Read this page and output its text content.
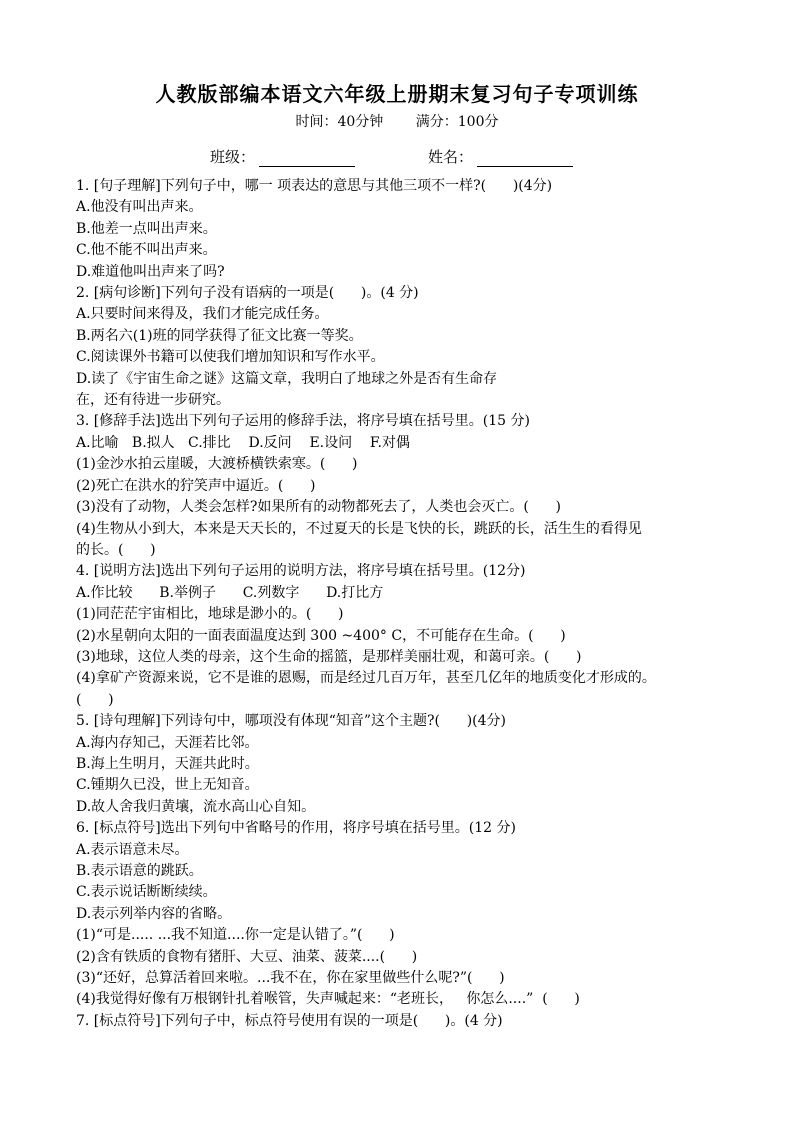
人教版部编本语文六年级上册期末复习句子专项训练
时间：40分钟 满分：100分
班级：	姓名：
1. [句子理解]下列句子中，哪一 项表达的意思与其他三项不一样?(      )(4分)
A.他没有叫出声来。
B.他差一点叫出声来。
C.他不能不叫出声来。
D.难道他叫出声来了吗?
2. [病句诊断]下列句子没有语病的一项是(      )。(4 分)
A.只要时间来得及，我们才能完成任务。
B.两名六(1)班的同学获得了征文比赛一等奖。
C.阅读课外书籍可以使我们增加知识和写作水平。
D.读了《宇宙生命之谜》这篇文章，我明白了地球之外是否有生命存
在，还有待进一步研究。
3. [修辞手法]选出下列句子运用的修辞手法，将序号填在括号里。(15 分)
A.比喻   B.拟人   C.排比    D.反问    E.设问    F.对偶
(1)金沙水拍云崖暖，大渡桥横铁索寒。(      )
(2)死亡在洪水的狞笑声中逼近。(      )
(3)没有了动物，人类会怎样?如果所有的动物都死去了，人类也会灭亡。(      )
(4)生物从小到大，本来是天天长的，不过夏天的长是飞快的长，跳跃的长，活生生的看得见
的长。(      )
4. [说明方法]选出下列句子运用的说明方法，将序号填在括号里。(12分)
A.作比较      B.举例子      C.列数字      D.打比方
(1)同茫茫宇宙相比，地球是渺小的。(      )
(2)水星朝向太阳的一面表面温度达到 300 ~400° C，不可能存在生命。(      )
(3)地球，这位人类的母亲，这个生命的摇篮，是那样美丽壮观，和蔼可亲。(      )
(4)拿矿产资源来说，它不是谁的恩赐，而是经过几百万年，甚至几亿年的地质变化才形成的。
(      )
5. [诗句理解]下列诗句中，哪项没有体现“知音”这个主题?(      )(4分)
A.海内存知己，天涯若比邻。
B.海上生明月，天涯共此时。
C.锺期久已没，世上无知音。
D.故人舍我归黄壤，流水高山心自知。
6. [标点符号]选出下列句中省略号的作用，将序号填在括号里。(12 分)
A.表示语意未尽。
B.表示语意的跳跃。
C.表示说话断断续续。
D.表示列举内容的省略。
(1)“可是..... ...我不知道....你一定是认错了。”(      )
(2)含有铁质的食物有猪肝、大豆、油菜、菠菜....(      )
(3)“还好，总算活着回来啦。...我不在，你在家里做些什么呢?”(      )
(4)我觉得好像有万根钢针扎着喉管，失声喊起来：“老班长，   你怎么....”  (      )
7. [标点符号]下列句子中，标点符号使用有误的一项是(      )。(4 分)
